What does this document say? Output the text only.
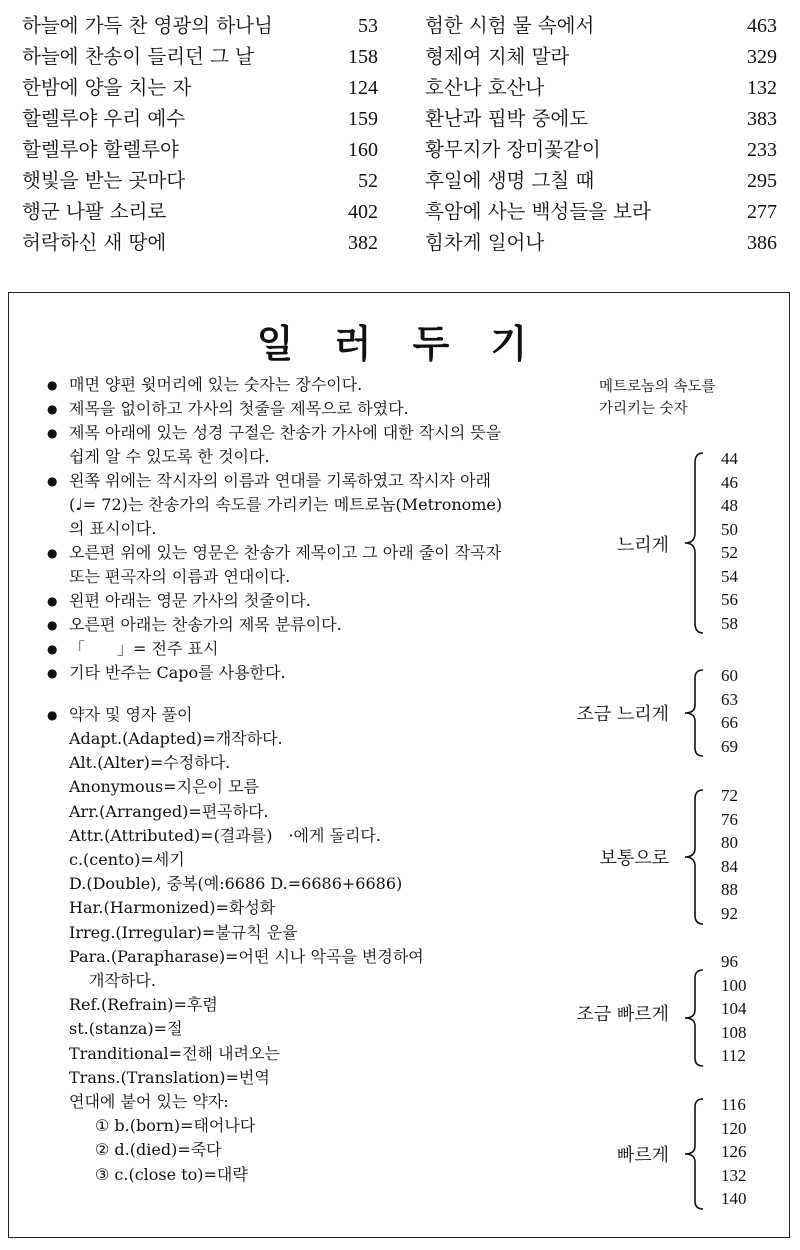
하늘에 가득 찬 영광의 하나님	53
하늘에 찬송이 들리던 그 날	158
한밤에 양을 치는 자	124
할렐루야 우리 예수	159
할렐루야 할렐루야	160
햇빛을 받는 곳마다	52
행군 나팔 소리로	402
허락하신 새 땅에	382
험한 시험 물 속에서	463
형제여 지체 말라	329
호산나 호산나	132
환난과 핍박 중에도	383
황무지가 장미꽃같이	233
후일에 생명 그칠 때	295
흑암에 사는 백성들을 보라	277
힘차게 일어나	386
일 러 두 기
● 매면 양편 윗머리에 있는 숫자는 장수이다.
● 제목을 없이하고 가사의 첫줄을 제목으로 하였다.
● 제목 아래에 있는 성경 구절은 찬송가 가사에 대한 작시의 뜻을 쉽게 알 수 있도록 한 것이다.
● 왼쪽 위에는 작시자의 이름과 연대를 기록하였고 작시자 아래(♩= 72)는 찬송가의 속도를 가리키는 메트로놈(Metronome)의 표시이다.
● 오른편 위에 있는 영문은 찬송가 제목이고 그 아래 줄이 작곡자 또는 편곡자의 이름과 연대이다.
● 왼편 아래는 영문 가사의 첫줄이다.
● 오른편 아래는 찬송가의 제목 분류이다.
● 「　　」= 전주 표시
● 기타 반주는 Capo를 사용한다.
● 약자 및 영자 풀이
Adapt.(Adapted)=개작하다.
Alt.(Alter)=수정하다.
Anonymous=지은이 모름
Arr.(Arranged)=편곡하다.
Attr.(Attributed)=(결과를)　·에게 돌리다.
c.(cento)=세기
D.(Double), 중복(예:6686 D.=6686+6686)
Har.(Harmonized)=화성화
Irreg.(Irregular)=불규칙 운율
Para.(Parapharase)=어떤 시나 악곡을 변경하여
개작하다.
Ref.(Refrain)=후렴
st.(stanza)=절
Tranditional=전해 내려오는
Trans.(Translation)=번역
연대에 붙어 있는 약자:
① b.(born)=태어나다
② d.(died)=죽다
③ c.(close to)=대략
메트로놈의 속도를
가리키는 숫자
느리게
44
46
48
50
52
54
56
58
조금 느리게
60
63
66
69
보통으로
72
76
80
84
88
92
조금 빠르게
96
100
104
108
112
빠르게
116
120
126
132
140
